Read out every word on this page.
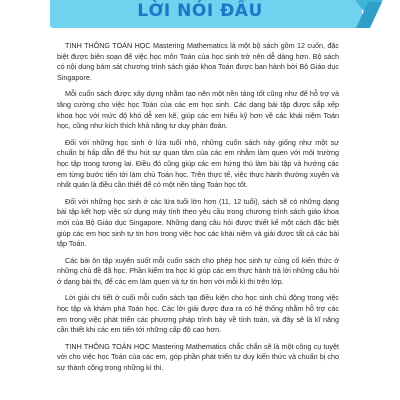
LỜI NÓI ĐẦU

TINH THÔNG TOÁN HỌC Mastering Mathematics là một bộ sách gồm 12 cuốn, đặc biệt được biên soạn để việc học môn Toán của học sinh trở nên dễ dàng hơn. Bộ sách có nội dung bám sát chương trình sách giáo khoa Toán được ban hành bởi Bộ Giáo dục Singapore.

Mỗi cuốn sách được xây dựng nhằm tạo nên một nền tảng tốt cũng như để hỗ trợ và tăng cường cho việc học Toán của các em học sinh. Các dạng bài tập được sắp xếp khoa học với mức độ khó dễ xen kẽ, giúp các em hiểu kỹ hơn về các khái niệm Toán học, cũng như kích thích khả năng tư duy phán đoán.

Đối với những học sinh ở lứa tuổi nhỏ, những cuốn sách này giống như một sự chuẩn bị hấp dẫn để thu hút sự quan tâm của các em nhằm làm quen với môi trường học tập trong tương lai. Điều đó cũng giúp các em hứng thú làm bài tập và hướng các em từng bước tiến tới làm chủ Toán học. Trên thực tế, việc thực hành thường xuyên và nhất quán là điều cần thiết để có một nền tảng Toán học tốt.

Đối với những học sinh ở các lứa tuổi lớn hơn (11, 12 tuổi), sách sẽ có những dạng bài tập kết hợp việc sử dụng máy tính theo yêu cầu trong chương trình sách giáo khoa mới của Bộ Giáo dục Singapore. Những dạng câu hỏi được thiết kế một cách đặc biệt giúp các em học sinh tự tin hơn trong việc học các khái niệm và giải được tất cả các bài tập Toán.

Các bài ôn tập xuyên suốt mỗi cuốn sách cho phép học sinh tự củng cố kiến thức ở những chủ đề đã học. Phần kiểm tra học kì giúp các em thực hành trả lời những câu hỏi ở dạng bài thi, để các em làm quen và tự tin hơn với mỗi kì thi trên lớp.

Lời giải chi tiết ở cuối mỗi cuốn sách tạo điều kiện cho học sinh chủ động trong việc học tập và khám phá Toán học. Các lời giải được đưa ra có hệ thống nhằm hỗ trợ các em trong việc phát triển các phương pháp trình bày về tính toán, và đây sẽ là kĩ năng cần thiết khi các em tiến tới những cấp độ cao hơn.

TINH THÔNG TOÁN HỌC Mastering Mathematics chắc chắn sẽ là một công cụ tuyệt vời cho việc học Toán của các em, góp phần phát triển tư duy kiến thức và chuẩn bị cho sự thành công trong những kì thi.
